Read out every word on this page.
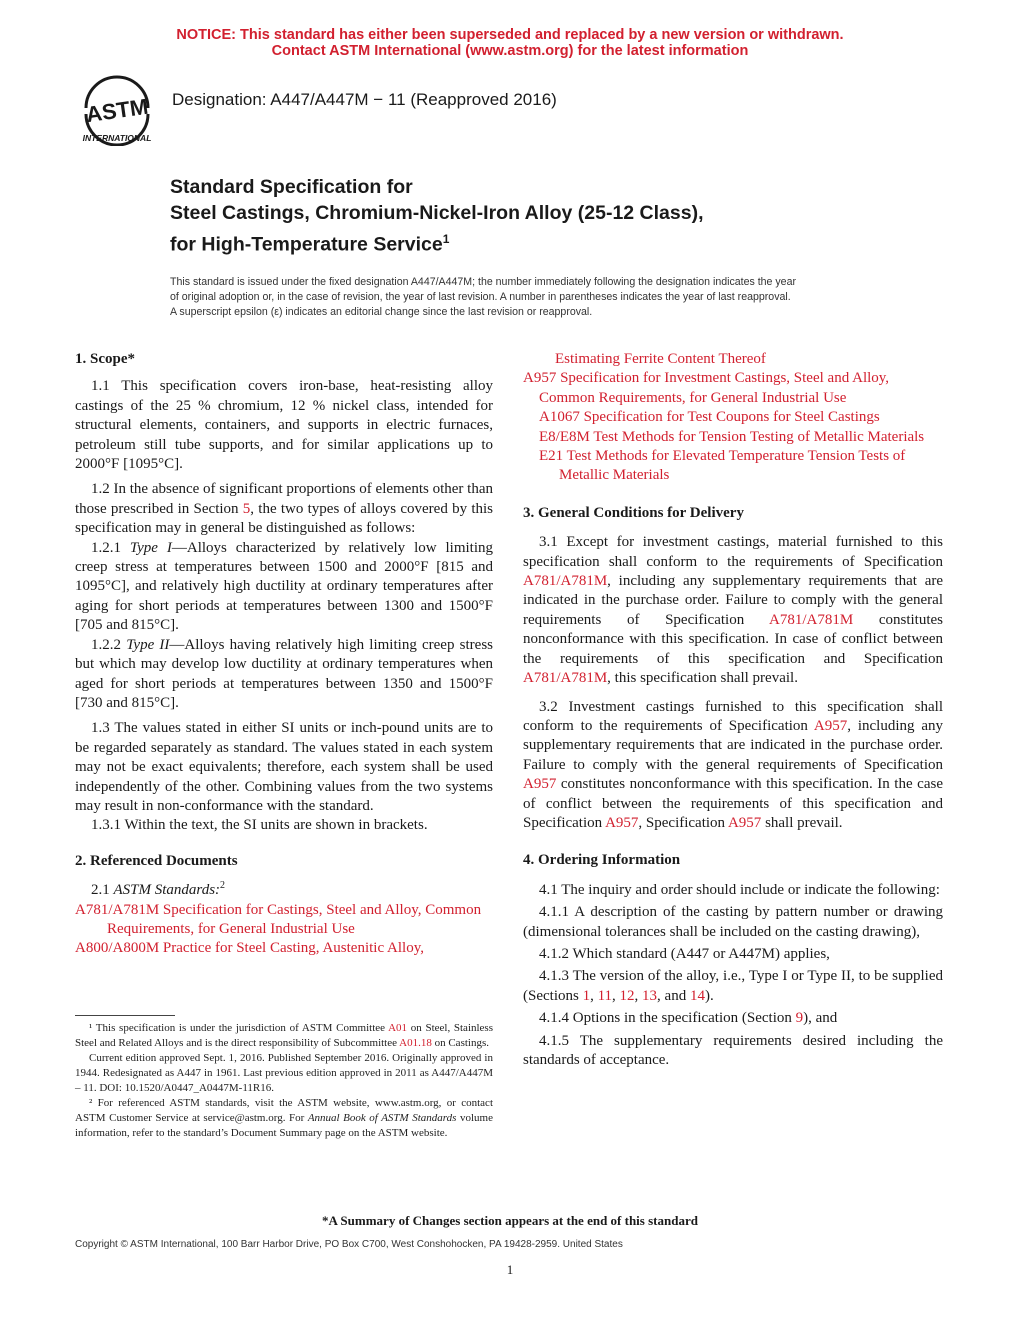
NOTICE: This standard has either been superseded and replaced by a new version or withdrawn.
Contact ASTM International (www.astm.org) for the latest information
ASTM
INTERNATIONAL
Designation: A447/A447M − 11 (Reapproved 2016)
Standard Specification for
Steel Castings, Chromium-Nickel-Iron Alloy (25-12 Class),
for High-Temperature Service$^1$
This standard is issued under the fixed designation A447/A447M; the number immediately following the designation indicates the year
of original adoption or, in the case of revision, the year of last revision. A number in parentheses indicates the year of last reapproval.
A superscript epsilon (ε) indicates an editorial change since the last revision or reapproval.

1. Scope*

1.1 This specification covers iron-base, heat-resisting alloy castings of the 25 % chromium, 12 % nickel class, intended for structural elements, containers, and supports in electric furnaces, petroleum still tube supports, and for similar applications up to 2000°F [1095°C].

1.2 In the absence of significant proportions of elements other than those prescribed in Section 5, the two types of alloys covered by this specification may in general be distinguished as follows:

1.2.1 Type I—Alloys characterized by relatively low limiting creep stress at temperatures between 1500 and 2000°F [815 and 1095°C], and relatively high ductility at ordinary temperatures after aging for short periods at temperatures between 1300 and 1500°F [705 and 815°C].

1.2.2 Type II—Alloys having relatively high limiting creep stress but which may develop low ductility at ordinary temperatures when aged for short periods at temperatures between 1350 and 1500°F [730 and 815°C].

1.3 The values stated in either SI units or inch-pound units are to be regarded separately as standard. The values stated in each system may not be exact equivalents; therefore, each system shall be used independently of the other. Combining values from the two systems may result in non-conformance with the standard.

1.3.1 Within the text, the SI units are shown in brackets.

2. Referenced Documents

2.1 ASTM Standards:$^2$

A781/A781M Specification for Castings, Steel and Alloy, Common Requirements, for General Industrial Use

A800/A800M Practice for Steel Casting, Austenitic Alloy,

Estimating Ferrite Content Thereof

A957 Specification for Investment Castings, Steel and Alloy, Common Requirements, for General Industrial Use

A1067 Specification for Test Coupons for Steel Castings

E8/E8M Test Methods for Tension Testing of Metallic Materials

E21 Test Methods for Elevated Temperature Tension Tests of Metallic Materials

3. General Conditions for Delivery

3.1 Except for investment castings, material furnished to this specification shall conform to the requirements of Specification A781/A781M, including any supplementary requirements that are indicated in the purchase order. Failure to comply with the general requirements of Specification A781/A781M constitutes nonconformance with this specification. In case of conflict between the requirements of this specification and Specification A781/A781M, this specification shall prevail.

3.2 Investment castings furnished to this specification shall conform to the requirements of Specification A957, including any supplementary requirements that are indicated in the purchase order. Failure to comply with the general requirements of Specification A957 constitutes nonconformance with this specification. In the case of conflict between the requirements of this specification and Specification A957, Specification A957 shall prevail.

4. Ordering Information

4.1 The inquiry and order should include or indicate the following:

4.1.1 A description of the casting by pattern number or drawing (dimensional tolerances shall be included on the casting drawing),

4.1.2 Which standard (A447 or A447M) applies,

4.1.3 The version of the alloy, i.e., Type I or Type II, to be supplied (Sections 1, 11, 12, 13, and 14).

4.1.4 Options in the specification (Section 9), and

4.1.5 The supplementary requirements desired including the standards of acceptance.

¹ This specification is under the jurisdiction of ASTM Committee A01 on Steel, Stainless Steel and Related Alloys and is the direct responsibility of Subcommittee A01.18 on Castings.

Current edition approved Sept. 1, 2016. Published September 2016. Originally approved in 1944. Redesignated as A447 in 1961. Last previous edition approved in 2011 as A447/A447M – 11. DOI: 10.1520/A0447_A0447M-11R16.

² For referenced ASTM standards, visit the ASTM website, www.astm.org, or contact ASTM Customer Service at service@astm.org. For Annual Book of ASTM Standards volume information, refer to the standard’s Document Summary page on the ASTM website.

*A Summary of Changes section appears at the end of this standard
Copyright © ASTM International, 100 Barr Harbor Drive, PO Box C700, West Conshohocken, PA 19428-2959. United States
1
